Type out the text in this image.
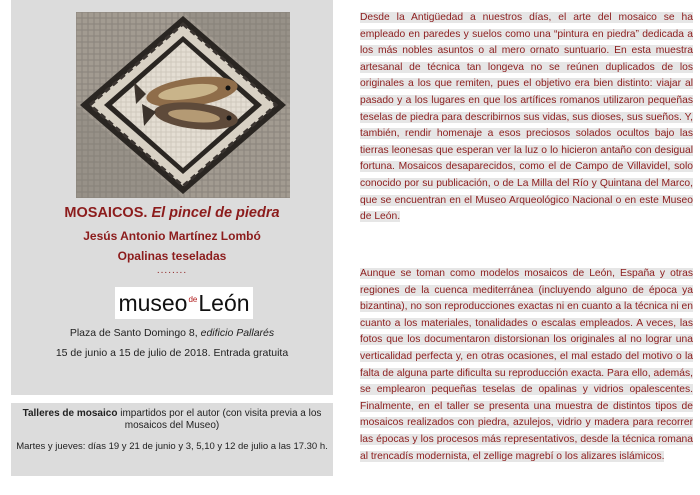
MOSAICOS. El pincel de piedra

Jesús Antonio Martínez Lombó

Opalinas teseladas

........

museo$^{de}$León

Plaza de Santo Domingo 8, edificio Pallarés

15 de junio a 15 de julio de 2018. Entrada gratuita

Talleres de mosaico impartidos por el autor (con visita previa a los

mosaicos del Museo)

Martes y jueves: días 19 y 21 de junio y 3, 5,10 y 12 de julio a las 17.30 h.

Desde la Antigüedad a nuestros días, el arte del mosaico se ha empleado en paredes y suelos como una “pintura en piedra” dedicada a los más nobles asuntos o al mero ornato suntuario. En esta muestra artesanal de técnica tan longeva no se reúnen duplicados de los originales a los que remiten, pues el objetivo era bien distinto: viajar al pasado y a los lugares en que los artífices romanos utilizaron pequeñas teselas de piedra para describirnos sus vidas, sus dioses, sus sueños. Y, también, rendir homenaje a esos preciosos solados ocultos bajo las tierras leonesas que esperan ver la luz o lo hicieron antaño con desigual fortuna. Mosaicos desaparecidos, como el de Campo de Villavidel, solo conocido por su publicación, o de La Milla del Río y Quintana del Marco, que se encuentran en el Museo Arqueológico Nacional o en este Museo de León.

Aunque se toman como modelos mosaicos de León, España y otras regiones de la cuenca mediterránea (incluyendo alguno de época ya bizantina), no son reproducciones exactas ni en cuanto a la técnica ni en cuanto a los materiales, tonalidades o escalas empleados. A veces, las fotos que los documentaron distorsionan los originales al no lograr una verticalidad perfecta y, en otras ocasiones, el mal estado del motivo o la falta de alguna parte dificulta su reproducción exacta. Para ello, además, se emplearon pequeñas teselas de opalinas y vidrios opalescentes. Finalmente, en el taller se presenta una muestra de distintos tipos de mosaicos realizados con piedra, azulejos, vidrio y madera para recorrer las épocas y los procesos más representativos, desde la técnica romana al trencadís modernista, el zellige magrebí o los alizares islámicos.
